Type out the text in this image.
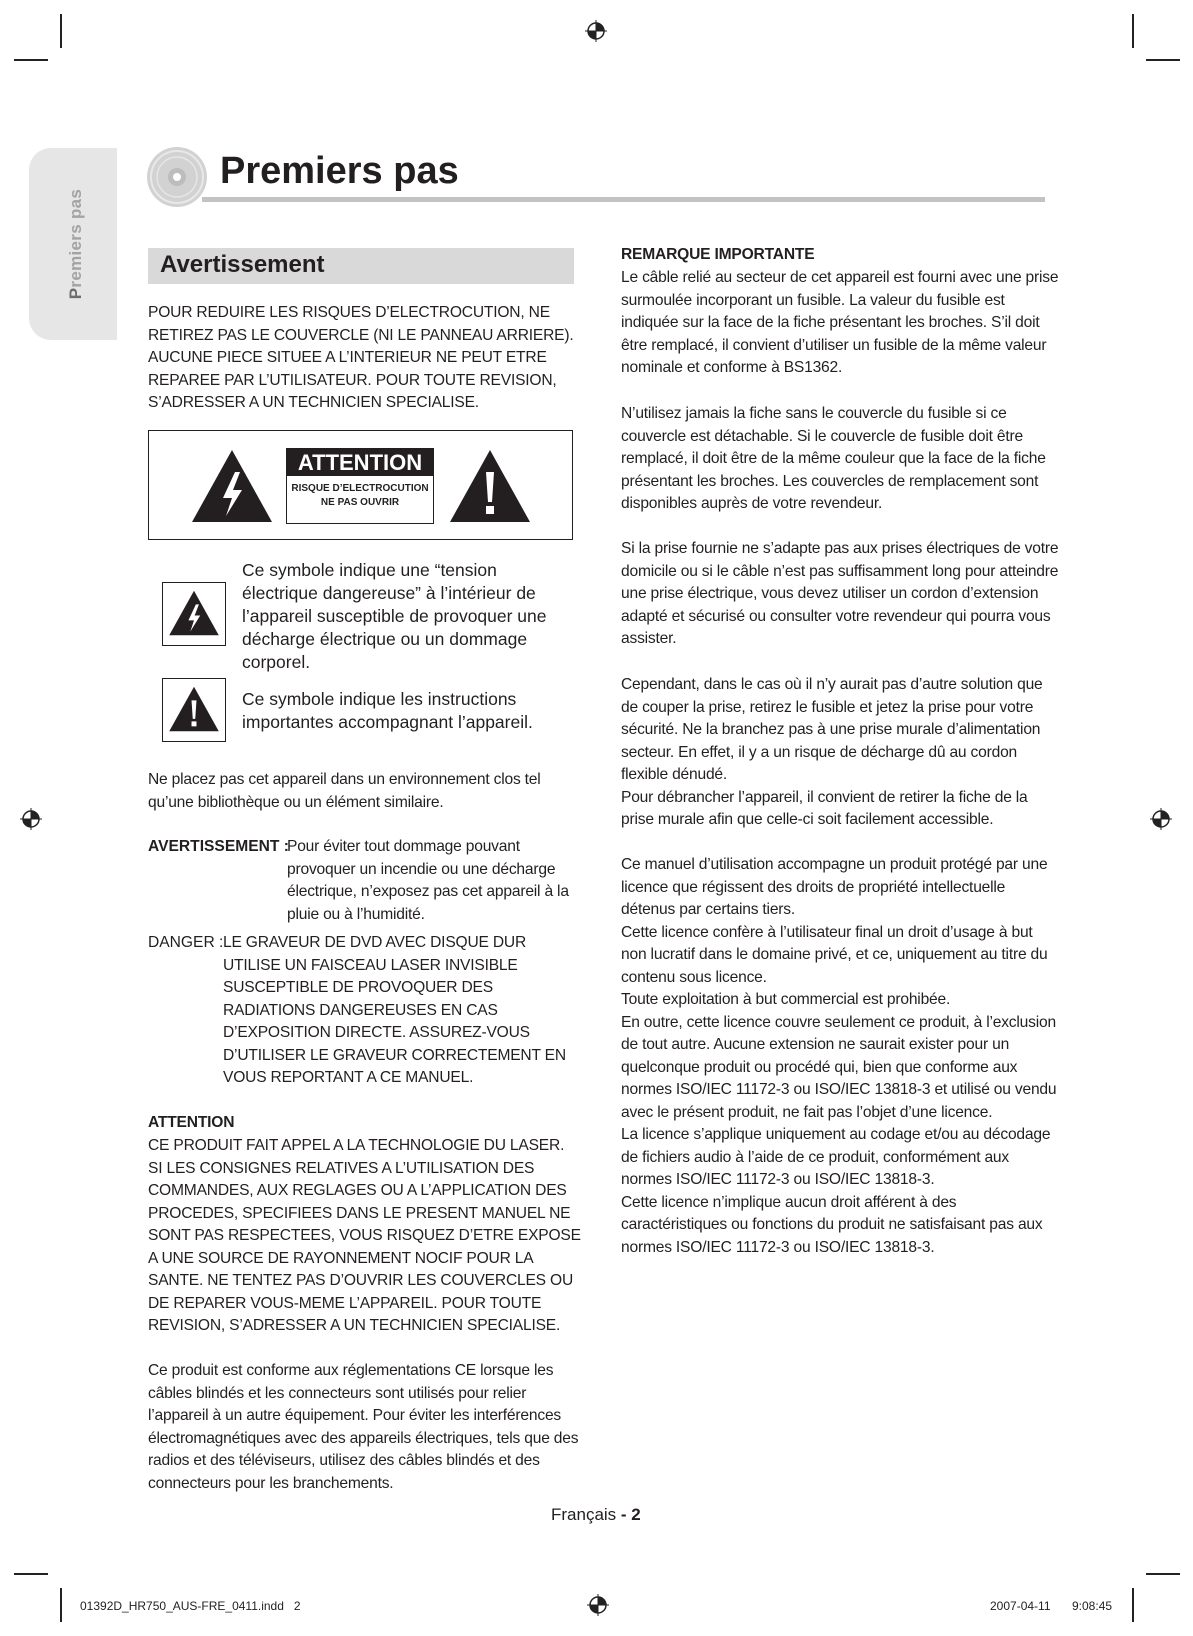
Premiers pas
Premiers pas
Avertissement

POUR REDUIRE LES RISQUES D’ELECTROCUTION, NE
RETIREZ PAS LE COUVERCLE (NI LE PANNEAU ARRIERE).
AUCUNE PIECE SITUEE A L’INTERIEUR NE PEUT ETRE
REPAREE PAR L’UTILISATEUR. POUR TOUTE REVISION,
S’ADRESSER A UN TECHNICIEN SPECIALISE.

ATTENTION
RISQUE D’ELECTROCUTION
NE PAS OUVRIR
Ce symbole indique une “tension
électrique dangereuse” à l’intérieur de
l’appareil susceptible de provoquer une
décharge électrique ou un dommage
corporel.
Ce symbole indique les instructions
importantes accompagnant l’appareil.

Ne placez pas cet appareil dans un environnement clos tel
qu’une bibliothèque ou un élément similaire.

AVERTISSEMENT :

Pour éviter tout dommage pouvant
provoquer un incendie ou une décharge
électrique, n’exposez pas cet appareil à la
pluie ou à l’humidité.

DANGER : LE GRAVEUR DE DVD AVEC DISQUE DUR
UTILISE UN FAISCEAU LASER INVISIBLE
SUSCEPTIBLE DE PROVOQUER DES
RADIATIONS DANGEREUSES EN CAS
D’EXPOSITION DIRECTE. ASSUREZ-VOUS
D’UTILISER LE GRAVEUR CORRECTEMENT EN
VOUS REPORTANT A CE MANUEL.

ATTENTION

CE PRODUIT FAIT APPEL A LA TECHNOLOGIE DU LASER.
SI LES CONSIGNES RELATIVES A L’UTILISATION DES
COMMANDES, AUX REGLAGES OU A L’APPLICATION DES
PROCEDES, SPECIFIEES DANS LE PRESENT MANUEL NE
SONT PAS RESPECTEES, VOUS RISQUEZ D’ETRE EXPOSE
A UNE SOURCE DE RAYONNEMENT NOCIF POUR LA
SANTE. NE TENTEZ PAS D’OUVRIR LES COUVERCLES OU
DE REPARER VOUS-MEME L’APPAREIL. POUR TOUTE
REVISION, S’ADRESSER A UN TECHNICIEN SPECIALISE.

Ce produit est conforme aux réglementations CE lorsque les
câbles blindés et les connecteurs sont utilisés pour relier
l’appareil à un autre équipement. Pour éviter les interférences
électromagnétiques avec des appareils électriques, tels que des
radios et des téléviseurs, utilisez des câbles blindés et des
connecteurs pour les branchements.

REMARQUE IMPORTANTE

Le câble relié au secteur de cet appareil est fourni avec une prise
surmoulée incorporant un fusible. La valeur du fusible est
indiquée sur la face de la fiche présentant les broches. S’il doit
être remplacé, il convient d’utiliser un fusible de la même valeur
nominale et conforme à BS1362.

N’utilisez jamais la fiche sans le couvercle du fusible si ce
couvercle est détachable. Si le couvercle de fusible doit être
remplacé, il doit être de la même couleur que la face de la fiche
présentant les broches. Les couvercles de remplacement sont
disponibles auprès de votre revendeur.

Si la prise fournie ne s’adapte pas aux prises électriques de votre
domicile ou si le câble n’est pas suffisamment long pour atteindre
une prise électrique, vous devez utiliser un cordon d’extension
adapté et sécurisé ou consulter votre revendeur qui pourra vous
assister.

Cependant, dans le cas où il n’y aurait pas d’autre solution que
de couper la prise, retirez le fusible et jetez la prise pour votre
sécurité. Ne la branchez pas à une prise murale d’alimentation
secteur. En effet, il y a un risque de décharge dû au cordon
flexible dénudé.
Pour débrancher l’appareil, il convient de retirer la fiche de la
prise murale afin que celle-ci soit facilement accessible.

Ce manuel d’utilisation accompagne un produit protégé par une
licence que régissent des droits de propriété intellectuelle
détenus par certains tiers.
Cette licence confère à l’utilisateur final un droit d’usage à but
non lucratif dans le domaine privé, et ce, uniquement au titre du
contenu sous licence.
Toute exploitation à but commercial est prohibée.
En outre, cette licence couvre seulement ce produit, à l’exclusion
de tout autre. Aucune extension ne saurait exister pour un
quelconque produit ou procédé qui, bien que conforme aux
normes ISO/IEC 11172-3 ou ISO/IEC 13818-3 et utilisé ou vendu
avec le présent produit, ne fait pas l’objet d’une licence.
La licence s’applique uniquement au codage et/ou au décodage
de fichiers audio à l’aide de ce produit, conformément aux
normes ISO/IEC 11172-3 ou ISO/IEC 13818-3.
Cette licence n’implique aucun droit afférent à des
caractéristiques ou fonctions du produit ne satisfaisant pas aux
normes ISO/IEC 11172-3 ou ISO/IEC 13818-3.

Français - 2
01392D_HR750_AUS-FRE_0411.indd   2	2007-04-11 9:08:45
